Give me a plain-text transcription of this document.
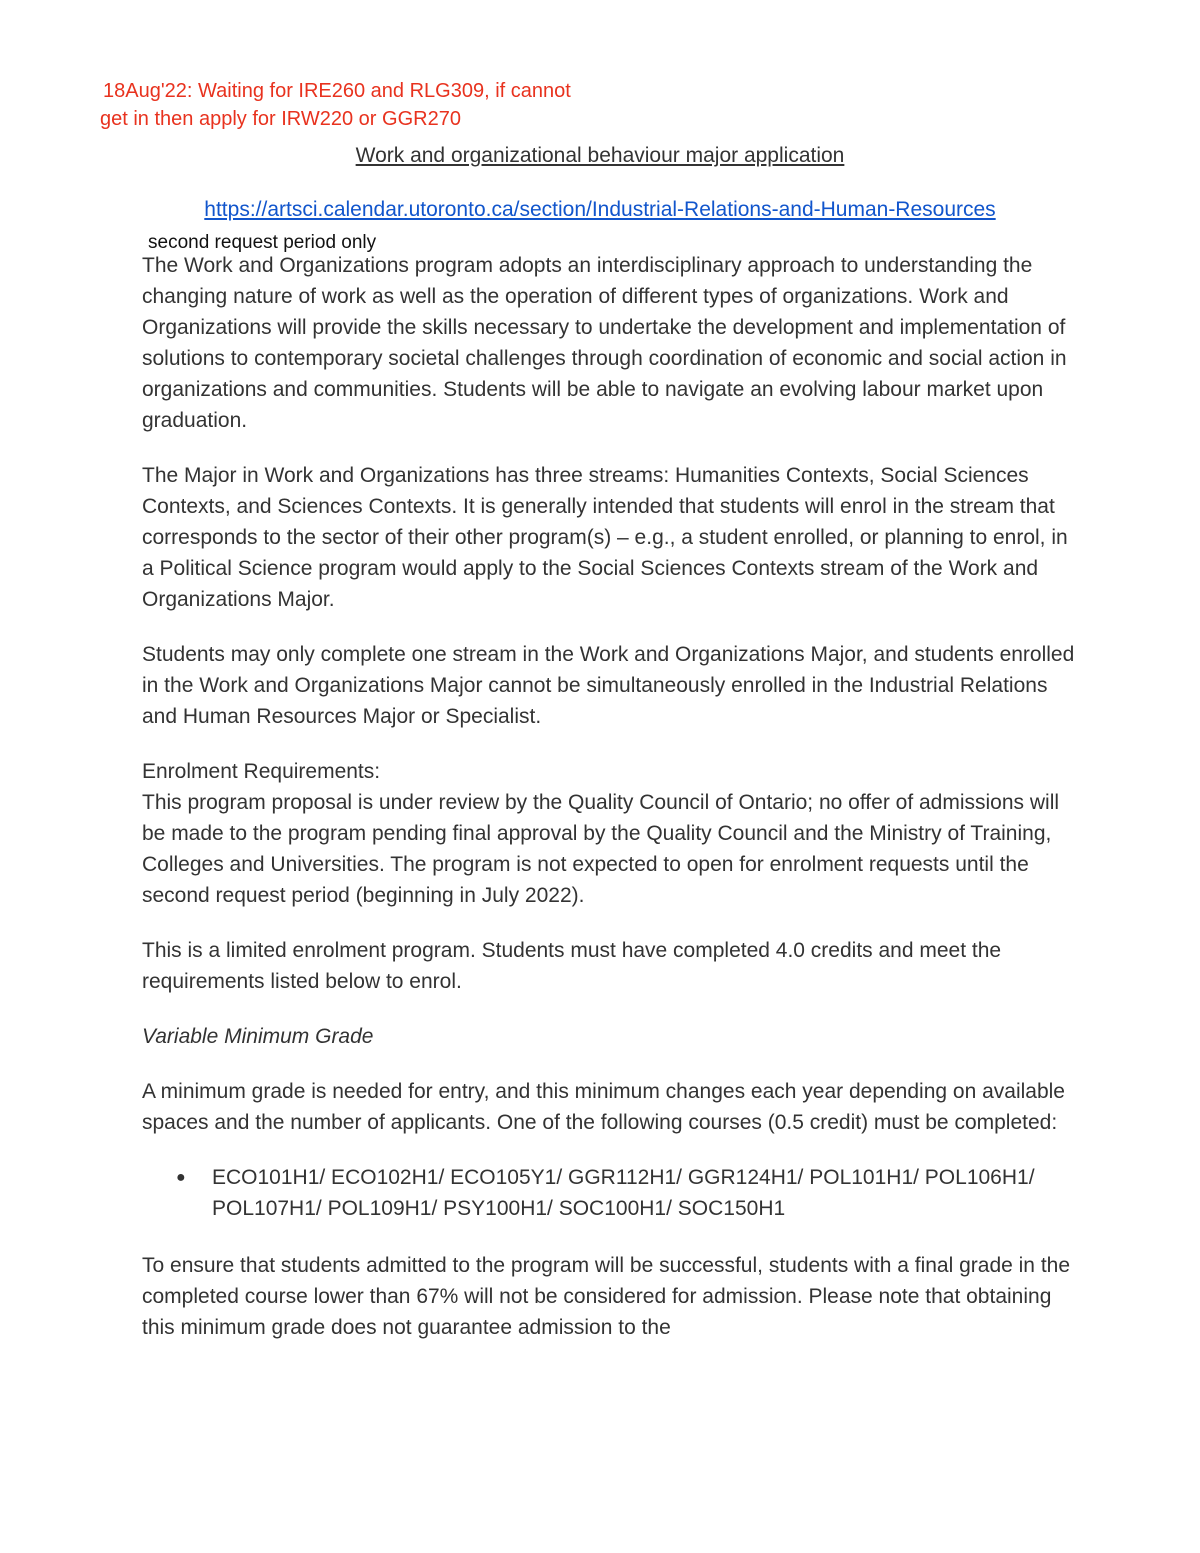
18Aug'22: Waiting for IRE260 and RLG309, if cannot

get in then apply for IRW220 or GGR270

Work and organizational behaviour major application

https://artsci.calendar.utoronto.ca/section/Industrial-Relations-and-Human-Resources

second request period only

The Work and Organizations program adopts an interdisciplinary approach to understanding the changing nature of work as well as the operation of different types of organizations. Work and Organizations will provide the skills necessary to undertake the development and implementation of solutions to contemporary societal challenges through coordination of economic and social action in organizations and communities. Students will be able to navigate an evolving labour market upon graduation.

The Major in Work and Organizations has three streams: Humanities Contexts, Social Sciences Contexts, and Sciences Contexts. It is generally intended that students will enrol in the stream that corresponds to the sector of their other program(s) – e.g., a student enrolled, or planning to enrol, in a Political Science program would apply to the Social Sciences Contexts stream of the Work and Organizations Major.

Students may only complete one stream in the Work and Organizations Major, and students enrolled in the Work and Organizations Major cannot be simultaneously enrolled in the Industrial Relations and Human Resources Major or Specialist.

Enrolment Requirements:

This program proposal is under review by the Quality Council of Ontario; no offer of admissions will be made to the program pending final approval by the Quality Council and the Ministry of Training, Colleges and Universities. The program is not expected to open for enrolment requests until the second request period (beginning in July 2022).

This is a limited enrolment program. Students must have completed 4.0 credits and meet the requirements listed below to enrol.

Variable Minimum Grade

A minimum grade is needed for entry, and this minimum changes each year depending on available spaces and the number of applicants. One of the following courses (0.5 credit) must be completed:

● ECO101H1/ ECO102H1/ ECO105Y1/ GGR112H1/ GGR124H1/ POL101H1/ POL106H1/ POL107H1/ POL109H1/ PSY100H1/ SOC100H1/ SOC150H1

To ensure that students admitted to the program will be successful, students with a final grade in the completed course lower than 67% will not be considered for admission. Please note that obtaining this minimum grade does not guarantee admission to the
